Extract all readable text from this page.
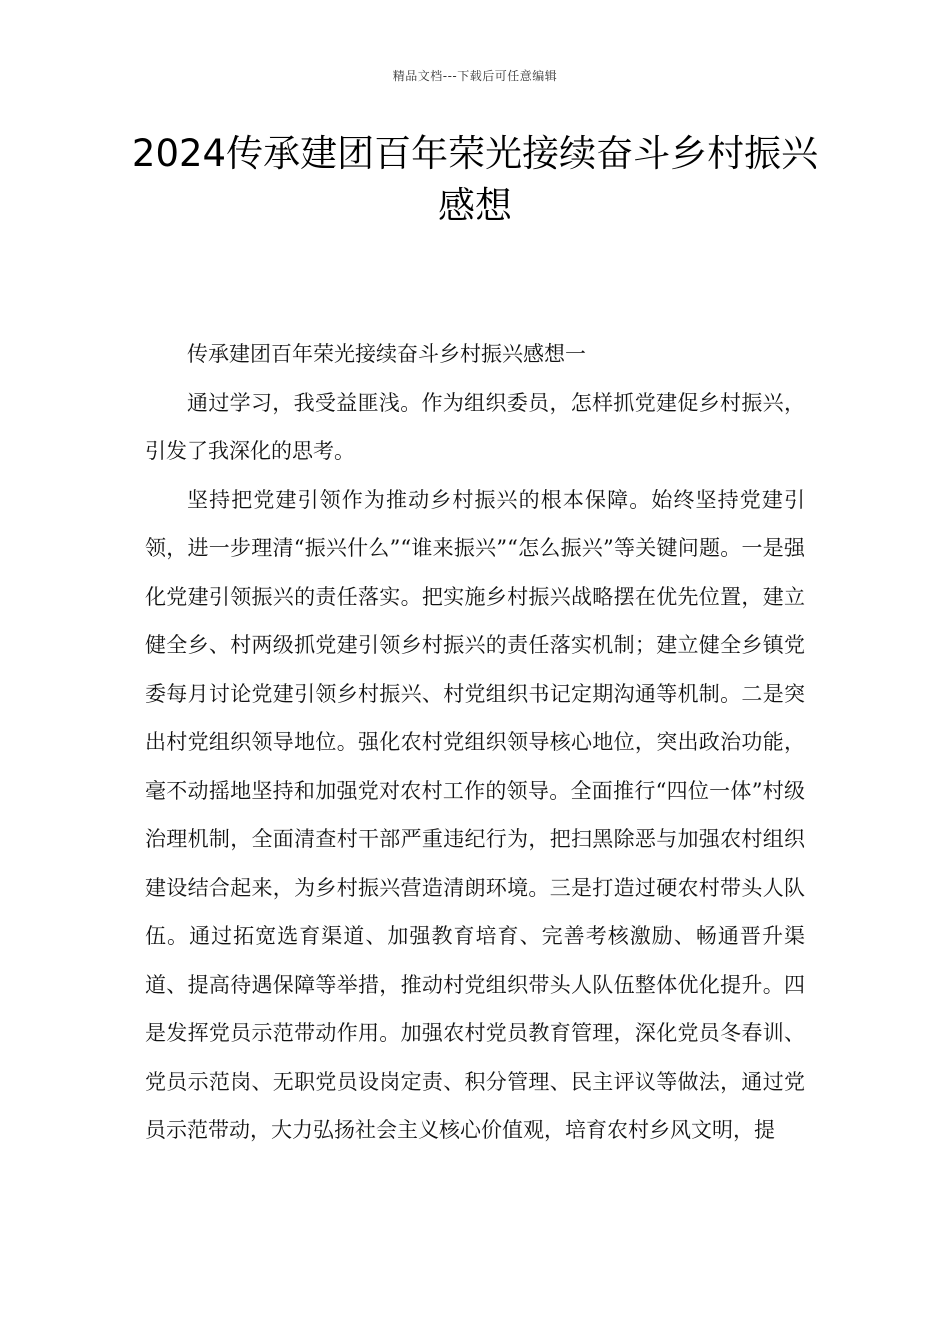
精品文档---下载后可任意编辑
2024传承建团百年荣光接续奋斗乡村振兴感想

传承建团百年荣光接续奋斗乡村振兴感想一

通过学习，我受益匪浅。作为组织委员，怎样抓党建促乡村振兴，引发了我深化的思考。

坚持把党建引领作为推动乡村振兴的根本保障。始终坚持党建引领，进一步理清“振兴什么”“谁来振兴”“怎么振兴”等关键问题。一是强化党建引领振兴的责任落实。把实施乡村振兴战略摆在优先位置，建立健全乡、村两级抓党建引领乡村振兴的责任落实机制；建立健全乡镇党委每月讨论党建引领乡村振兴、村党组织书记定期沟通等机制。二是突出村党组织领导地位。强化农村党组织领导核心地位，突出政治功能，毫不动摇地坚持和加强党对农村工作的领导。全面推行“四位一体”村级治理机制，全面清查村干部严重违纪行为，把扫黑除恶与加强农村组织建设结合起来，为乡村振兴营造清朗环境。三是打造过硬农村带头人队伍。通过拓宽选育渠道、加强教育培育、完善考核激励、畅通晋升渠道、提高待遇保障等举措，推动村党组织带头人队伍整体优化提升。四是发挥党员示范带动作用。加强农村党员教育管理，深化党员冬春训、党员示范岗、无职党员设岗定责、积分管理、民主评议等做法，通过党员示范带动，大力弘扬社会主义核心价值观，培育农村乡风文明，提
